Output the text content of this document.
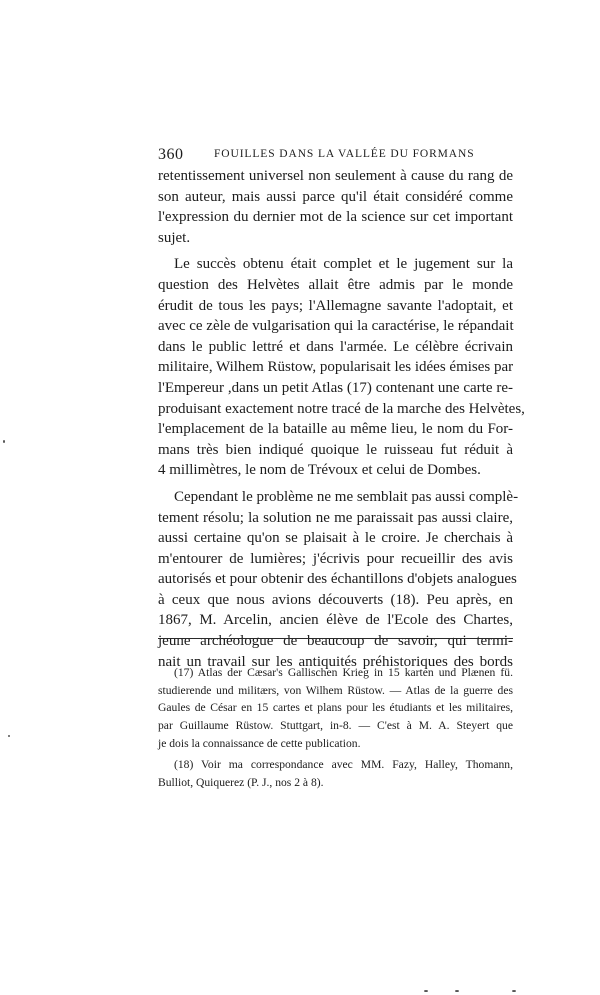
360	FOUILLES DANS LA VALLÉE DU FORMANS
retentissement universel non seulement à cause du rang de
son auteur, mais aussi parce qu'il était considéré comme
l'expression du dernier mot de la science sur cet important
sujet.
Le succès obtenu était complet et le jugement sur la
question des Helvètes allait être admis par le monde
érudit de tous les pays; l'Allemagne savante l'adoptait, et
avec ce zèle de vulgarisation qui la caractérise, le répandait
dans le public lettré et dans l'armée. Le célèbre écrivain
militaire, Wilhem Rüstow, popularisait les idées émises par
l'Empereur ,dans un petit Atlas (17) contenant une carte re-
produisant exactement notre tracé de la marche des Helvètes,
l'emplacement de la bataille au même lieu, le nom du For-
mans très bien indiqué quoique le ruisseau fut réduit à
4 millimètres, le nom de Trévoux et celui de Dombes.
Cependant le problème ne me semblait pas aussi complè-
tement résolu; la solution ne me paraissait pas aussi claire,
aussi certaine qu'on se plaisait à le croire. Je cherchais à
m'entourer de lumières; j'écrivis pour recueillir des avis
autorisés et pour obtenir des échantillons d'objets analogues
à ceux que nous avions découverts (18). Peu après, en
1867, M. Arcelin, ancien élève de l'Ecole des Chartes,
jeune archéologue de beaucoup de savoir, qui termi-
nait un travail sur les antiquités préhistoriques des bords
(17) Atlas der Cæsar's Gallischen Krieg in 15 karten und Plænen fü.
studierende und militærs, von Wilhem Rüstow. — Atlas de la guerre des
Gaules de César en 15 cartes et plans pour les étudiants et les militaires,
par Guillaume Rüstow. Stuttgart, in-8. — C'est à M. A. Steyert que
je dois la connaissance de cette publication.
(18) Voir ma correspondance avec MM. Fazy, Halley, Thomann,
Bulliot, Quiquerez (P. J., nos 2 à 8).
